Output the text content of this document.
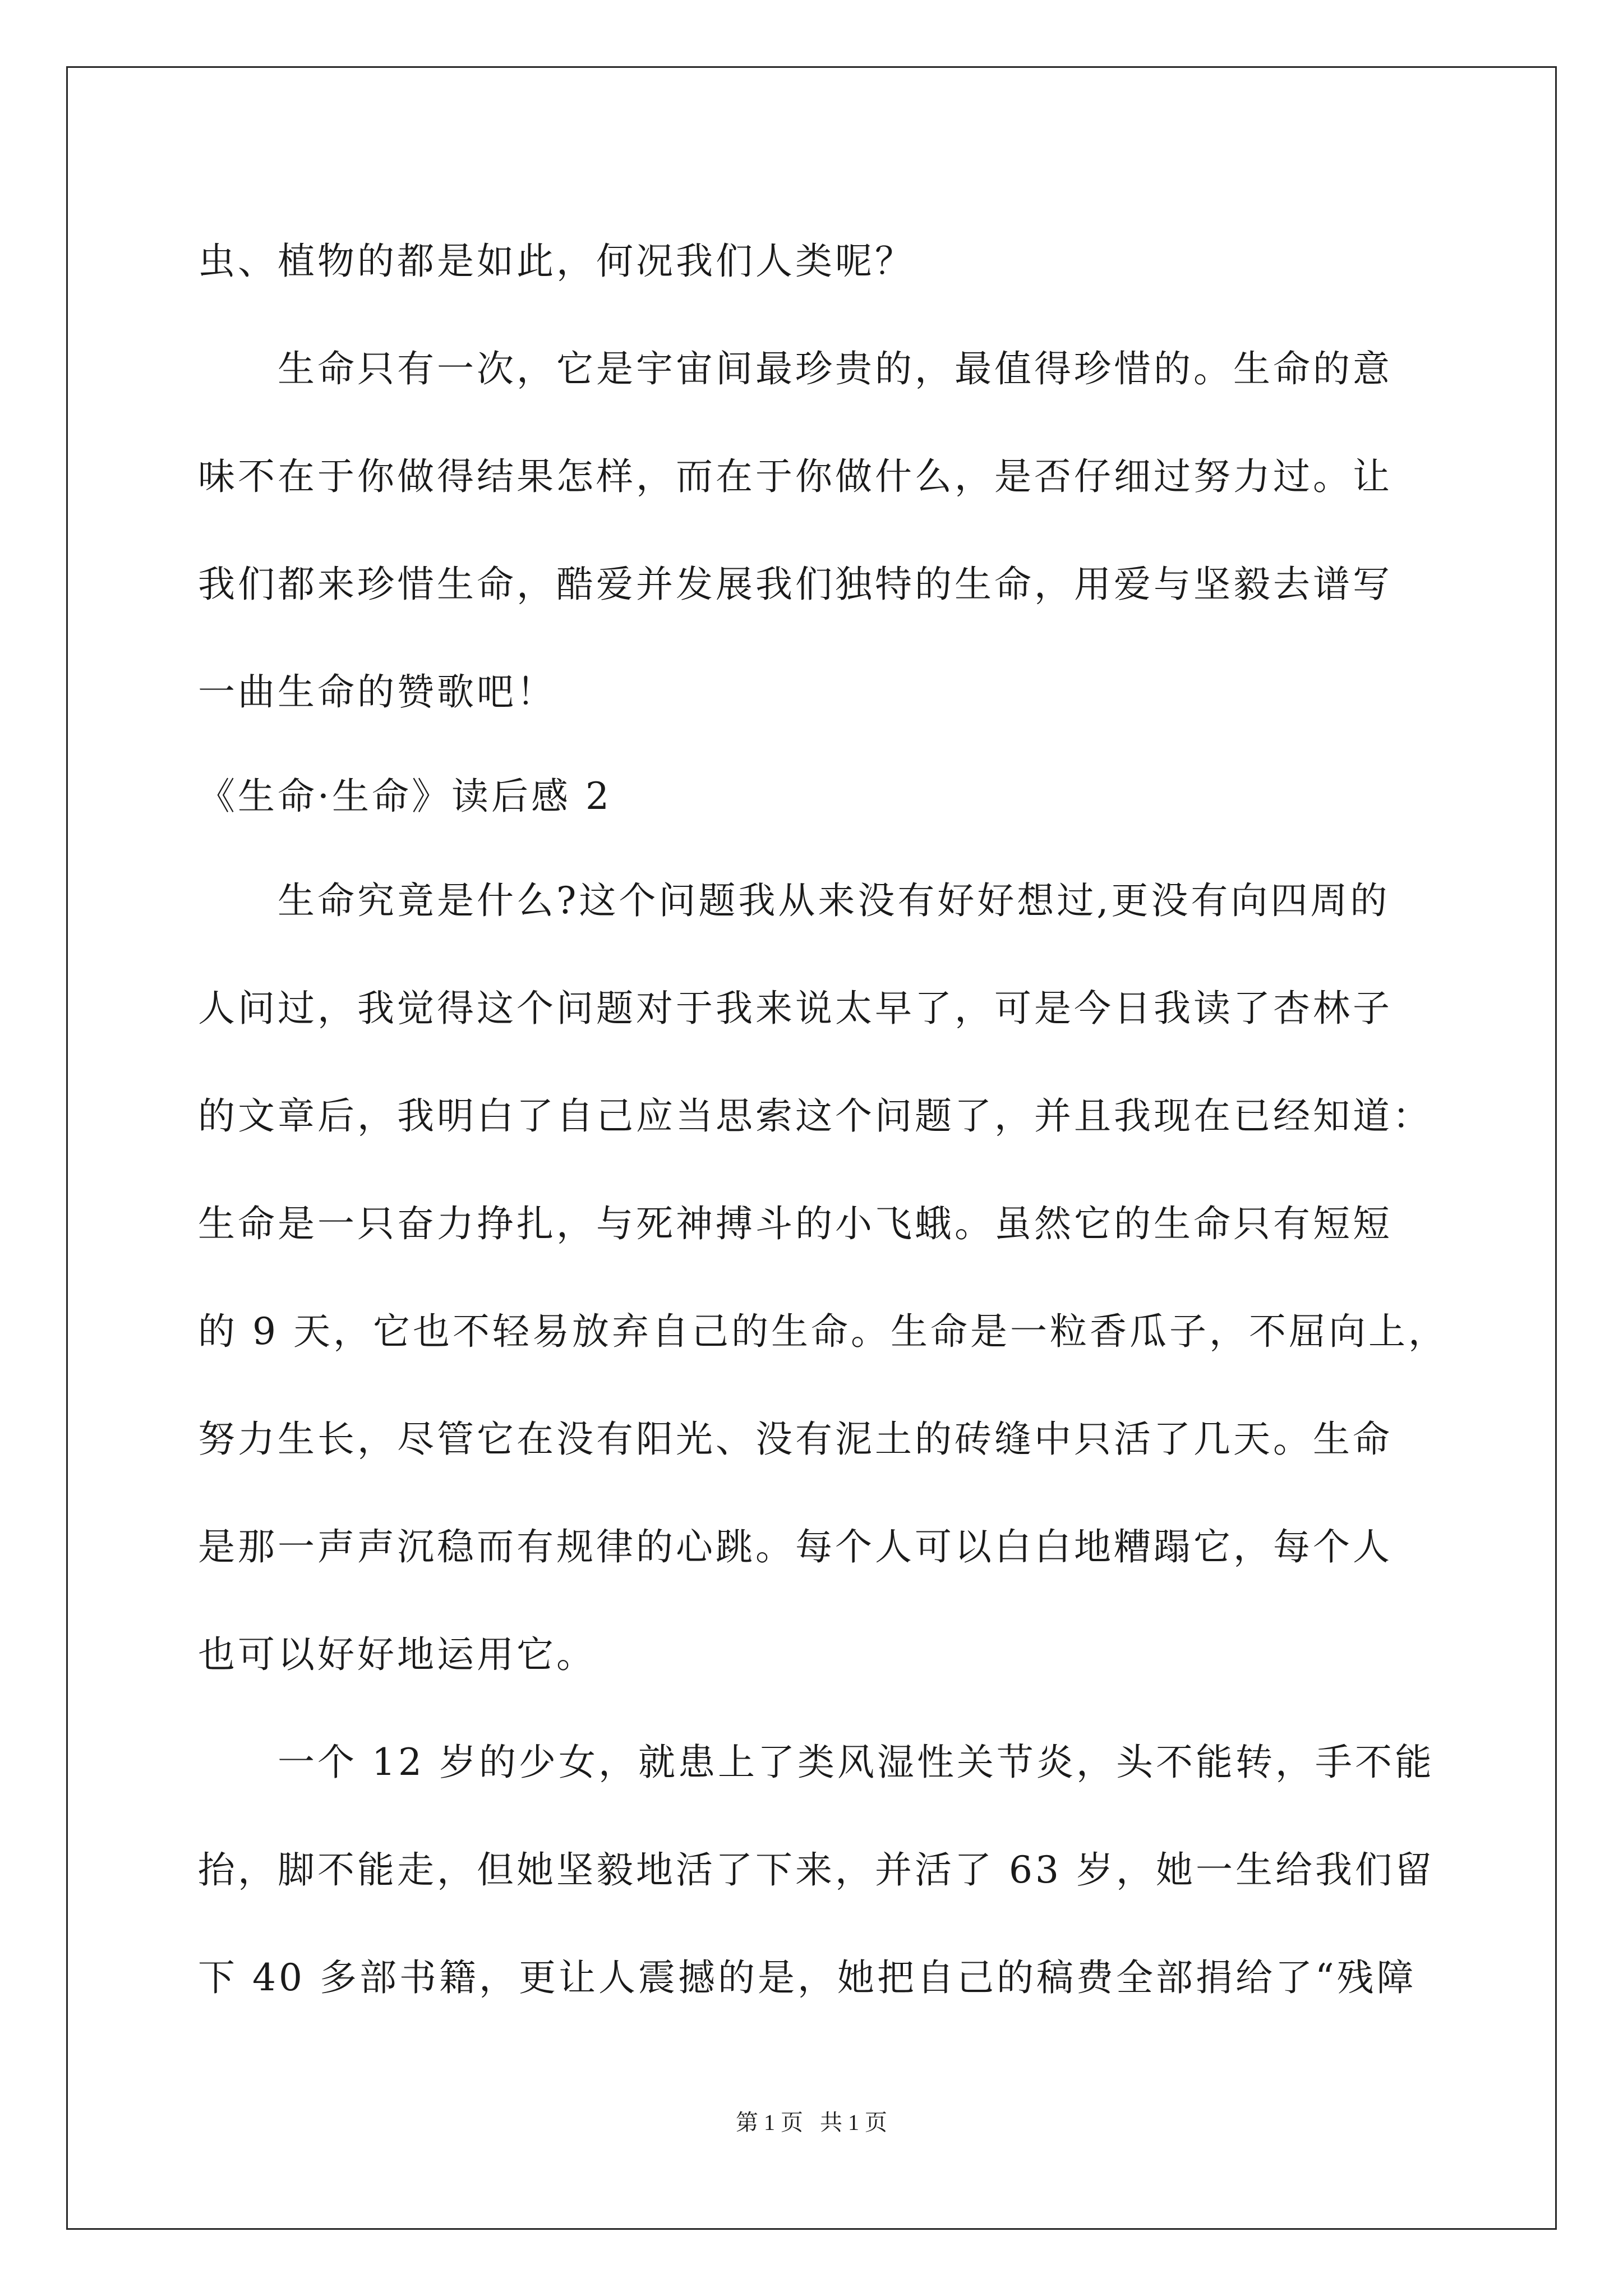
虫、植物的都是如此，何况我们人类呢？
　　生命只有一次，它是宇宙间最珍贵的，最值得珍惜的。生命的意
味不在于你做得结果怎样，而在于你做什么，是否仔细过努力过。让
我们都来珍惜生命，酷爱并发展我们独特的生命，用爱与坚毅去谱写
一曲生命的赞歌吧！
《生命·生命》读后感 2
　　生命究竟是什么?这个问题我从来没有好好想过,更没有向四周的
人问过，我觉得这个问题对于我来说太早了，可是今日我读了杏林子
的文章后，我明白了自己应当思索这个问题了，并且我现在已经知道：
生命是一只奋力挣扎，与死神搏斗的小飞蛾。虽然它的生命只有短短
的 9 天，它也不轻易放弃自己的生命。生命是一粒香瓜子，不屈向上，
努力生长，尽管它在没有阳光、没有泥土的砖缝中只活了几天。生命
是那一声声沉稳而有规律的心跳。每个人可以白白地糟蹋它，每个人
也可以好好地运用它。
　　一个 12 岁的少女，就患上了类风湿性关节炎，头不能转，手不能
抬，脚不能走，但她坚毅地活了下来，并活了 63 岁，她一生给我们留
下 40 多部书籍，更让人震撼的是，她把自己的稿费全部捐给了“残障
第 1 页 共 1 页
